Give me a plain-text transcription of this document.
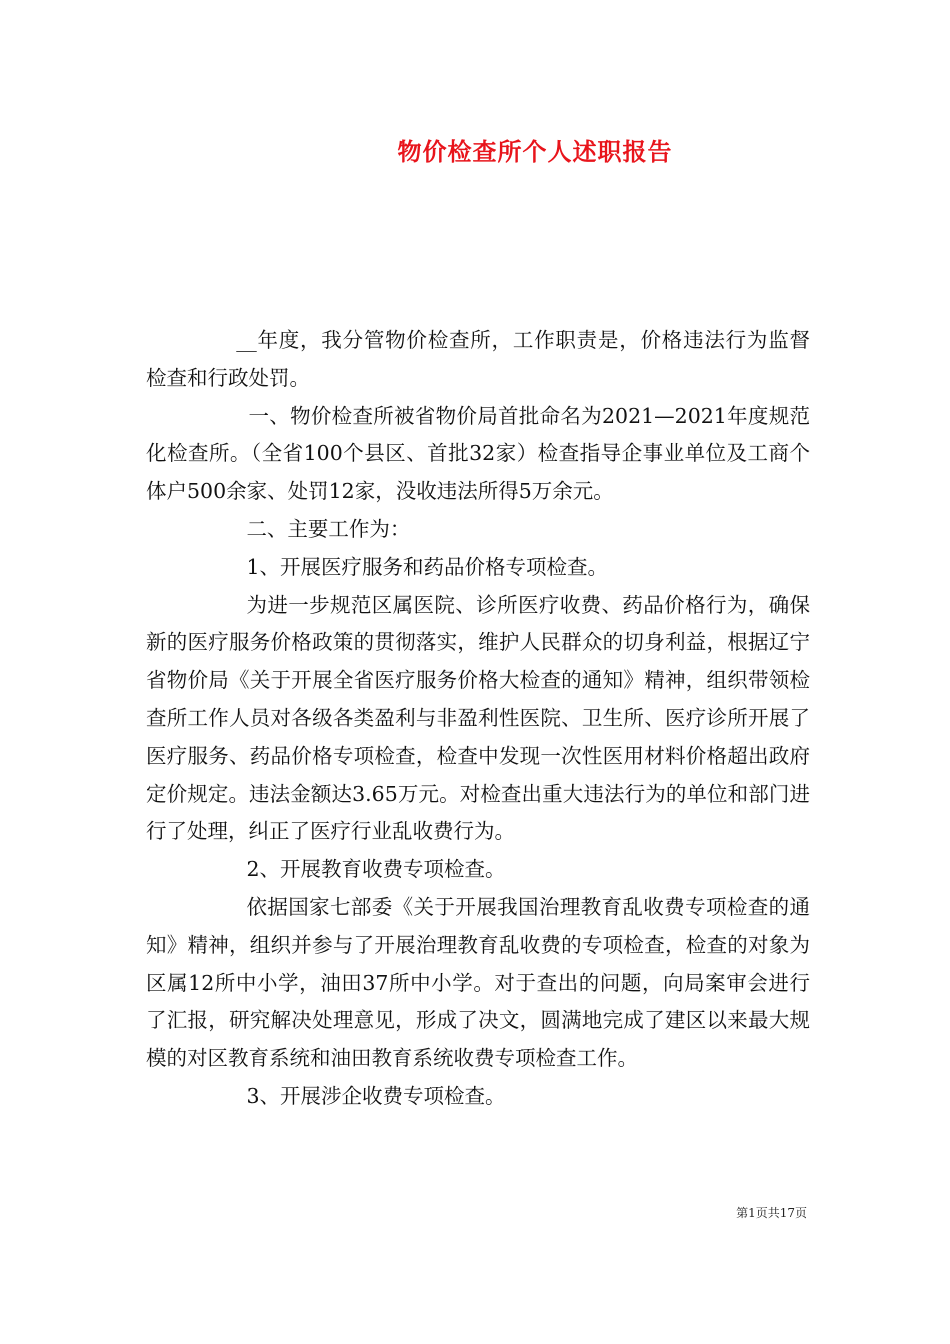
物价检查所个人述职报告

__年度，我分管物价检查所，工作职责是，价格违法行为监督检查和行政处罚。

一、物价检查所被省物价局首批命名为2021—2021年度规范化检查所。（全省100个县区、首批32家）检查指导企事业单位及工商个体户500余家、处罚12家，没收违法所得5万余元。

二、主要工作为：

1、开展医疗服务和药品价格专项检查。

为进一步规范区属医院、诊所医疗收费、药品价格行为，确保新的医疗服务价格政策的贯彻落实，维护人民群众的切身利益，根据辽宁省物价局《关于开展全省医疗服务价格大检查的通知》精神，组织带领检查所工作人员对各级各类盈利与非盈利性医院、卫生所、医疗诊所开展了医疗服务、药品价格专项检查，检查中发现一次性医用材料价格超出政府定价规定。违法金额达3.65万元。对检查出重大违法行为的单位和部门进行了处理，纠正了医疗行业乱收费行为。

2、开展教育收费专项检查。

依据国家七部委《关于开展我国治理教育乱收费专项检查的通知》精神，组织并参与了开展治理教育乱收费的专项检查，检查的对象为区属12所中小学，油田37所中小学。对于查出的问题，向局案审会进行了汇报，研究解决处理意见，形成了决文，圆满地完成了建区以来最大规模的对区教育系统和油田教育系统收费专项检查工作。

3、开展涉企收费专项检查。

第1页共17页
